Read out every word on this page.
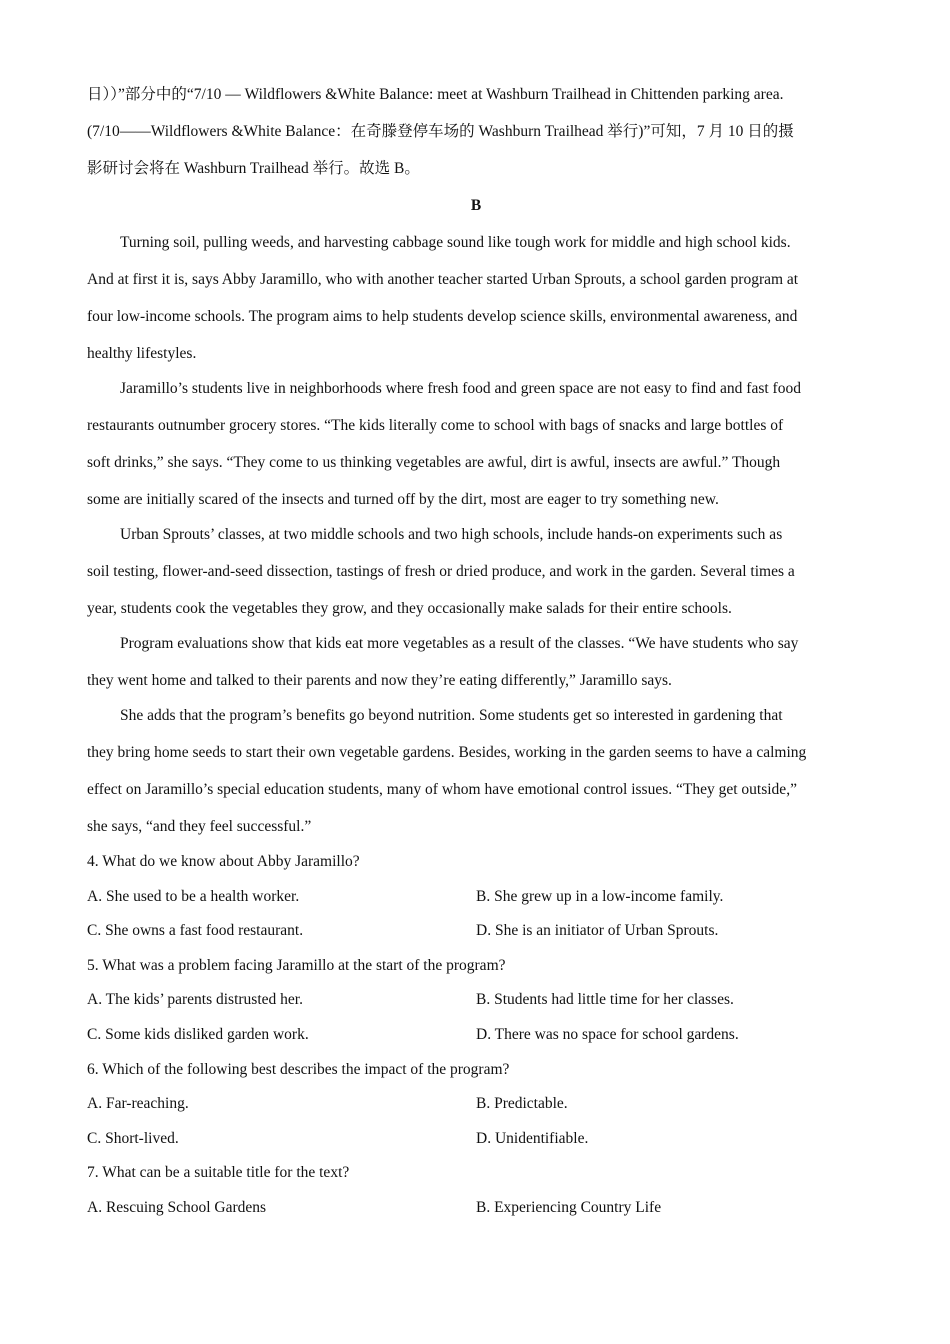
日））”部分中的“7/10 — Wildflowers &White Balance: meet at Washburn Trailhead in Chittenden parking area.
(7/10——Wildflowers &White Balance：在奇滕登停车场的 Washburn Trailhead 举行)”可知，7 月 10 日的摄
影研讨会将在 Washburn Trailhead 举行。故选 B。
B

Turning soil, pulling weeds, and harvesting cabbage sound like tough work for middle and high school kids.
And at first it is, says Abby Jaramillo, who with another teacher started Urban Sprouts, a school garden program at
four low-income schools. The program aims to help students develop science skills, environmental awareness, and
healthy lifestyles.

Jaramillo’s students live in neighborhoods where fresh food and green space are not easy to find and fast food
restaurants outnumber grocery stores. “The kids literally come to school with bags of snacks and large bottles of
soft drinks,” she says. “They come to us thinking vegetables are awful, dirt is awful, insects are awful.” Though
some are initially scared of the insects and turned off by the dirt, most are eager to try something new.

Urban Sprouts’ classes, at two middle schools and two high schools, include hands-on experiments such as
soil testing, flower-and-seed dissection, tastings of fresh or dried produce, and work in the garden. Several times a
year, students cook the vegetables they grow, and they occasionally make salads for their entire schools.

Program evaluations show that kids eat more vegetables as a result of the classes. “We have students who say
they went home and talked to their parents and now they’re eating differently,” Jaramillo says.

She adds that the program’s benefits go beyond nutrition. Some students get so interested in gardening that
they bring home seeds to start their own vegetable gardens. Besides, working in the garden seems to have a calming
effect on Jaramillo’s special education students, many of whom have emotional control issues. “They get outside,”
she says, “and they feel successful.”

4. What do we know about Abby Jaramillo?
A. She used to be a health worker.	B. She grew up in a low-income family.
C. She owns a fast food restaurant.	D. She is an initiator of Urban Sprouts.
5. What was a problem facing Jaramillo at the start of the program?
A. The kids’ parents distrusted her.	B. Students had little time for her classes.
C. Some kids disliked garden work.	D. There was no space for school gardens.
6. Which of the following best describes the impact of the program?
A. Far-reaching.	B. Predictable.
C. Short-lived.	D. Unidentifiable.
7. What can be a suitable title for the text?
A. Rescuing School Gardens	B. Experiencing Country Life
